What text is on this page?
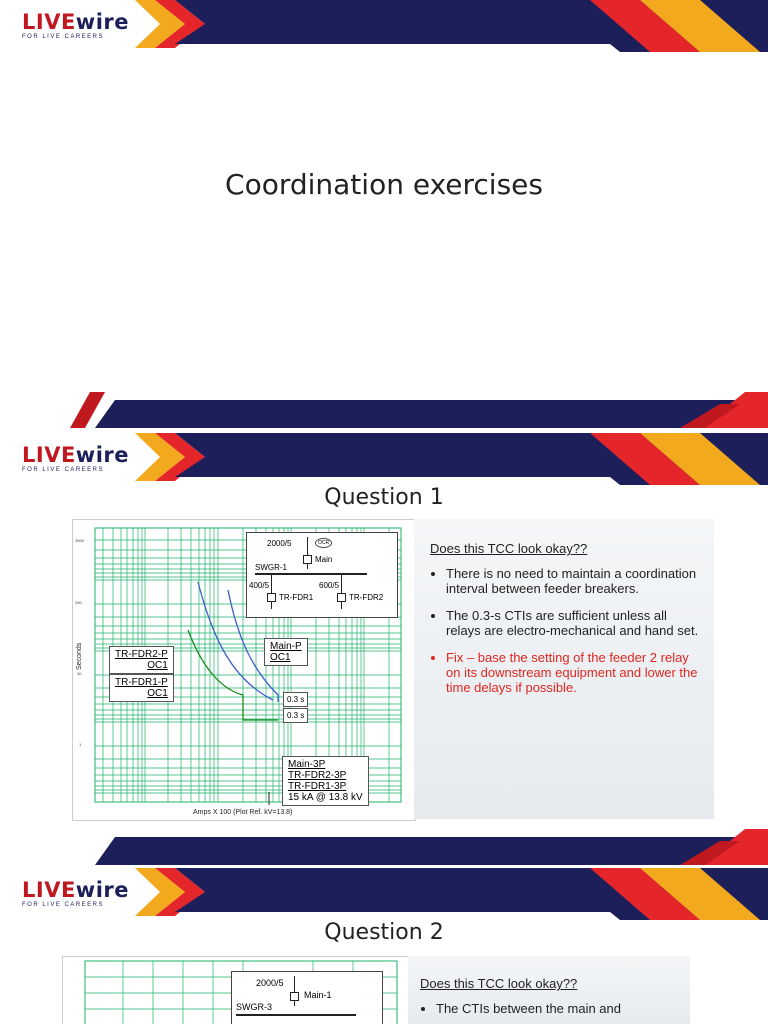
LIVEwire
FOR LIVE CAREERS
Coordination exercises
LIVEwire
FOR LIVE CAREERS
Question 1
1000
100
10
1
Seconds
Amps X 100 (Plot Ref. kV=13.8)
2000/5	OCR
Main
SWGR-1
400/5	600/5
TR-FDR1	TR-FDR2
TR-FDR2-P
OC1
TR-FDR1-P
OC1
Main-P
OC1
0.3 s
0.3 s
Main-3P
TR-FDR2-3P
TR-FDR1-3P
15 kA @ 13.8 kV
Does this TCC look okay??
• There is no need to maintain a coordination interval between feeder breakers.
• The 0.3-s CTIs are sufficient unless all relays are electro-mechanical and hand set.
• Fix – base the setting of the feeder 2 relay on its downstream equipment and lower the time delays if possible.
LIVEwire
FOR LIVE CAREERS
Question 2
2000/5
Main-1
SWGR-3
Does this TCC look okay??
• The CTIs between the main and
